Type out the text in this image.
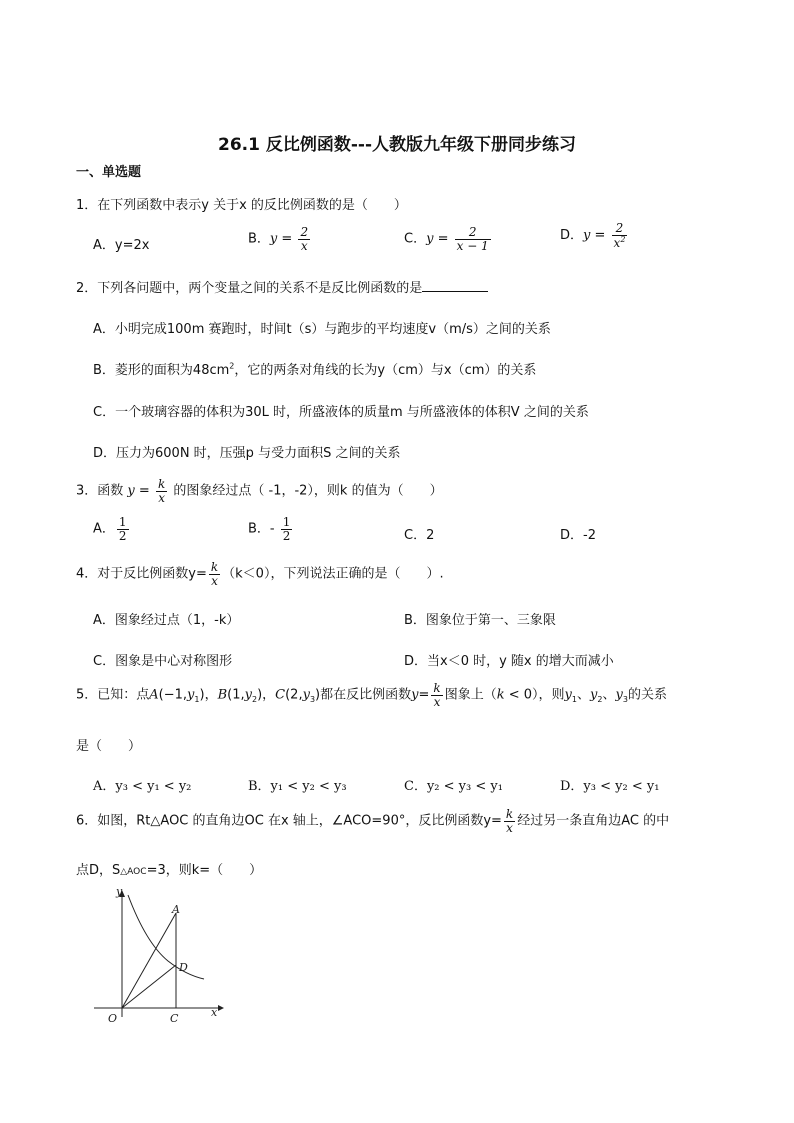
26.1 反比例函数---人教版九年级下册同步练习
一、单选题
1．在下列函数中表示y 关于x 的反比例函数的是（　　）
A．y=2x	B．$y = \frac{2}{x}$	C．$y = \frac{2}{x - 1}$	D．$y = \frac{2}{x^2}$
2．下列各问题中，两个变量之间的关系不是反比例函数的是
A．小明完成100m 赛跑时，时间t（s）与跑步的平均速度v（m/s）之间的关系
B．菱形的面积为$48cm^2$，它的两条对角线的长为y（cm）与x（cm）的关系
C．一个玻璃容器的体积为30L 时，所盛液体的质量m 与所盛液体的体积V 之间的关系
D．压力为600N 时，压强p 与受力面积S 之间的关系
3．函数 $y = \frac{k}{x}$ 的图象经过点（ -1，-2），则k 的值为（　　）
A． $\frac{1}{2}$	B．- $\frac{1}{2}$	C．2	D．-2
4．对于反比例函数$y= \frac{k}{x} (k<0)$，下列说法正确的是（　　）.
A．图象经过点（1，-k）	B．图象位于第一、三象限
C．图象是中心对称图形	D．当x＜0 时，y 随x 的增大而减小
5．已知：点$A(-1,y_1)$，$B(1,y_2)$，$C(2,y_3)$都在反比例函数$y= \frac{k}{x}$ 图象上（k < 0），则$y_1$、$y_2$、$y_3$的关系
是（　　）
A．y₃ < y₁ < y₂	B．y₁ < y₂ < y₃	C．y₂ < y₃ < y₁	D．y₃ < y₂ < y₁
6．如图，Rt△AOC 的直角边OC 在x 轴上，∠ACO=90°，反比例函数$y= \frac{k}{x}$ 经过另一条直角边AC 的中
点D，S△AOC=3，则k=（　　）
y
x
O	C
A
D
